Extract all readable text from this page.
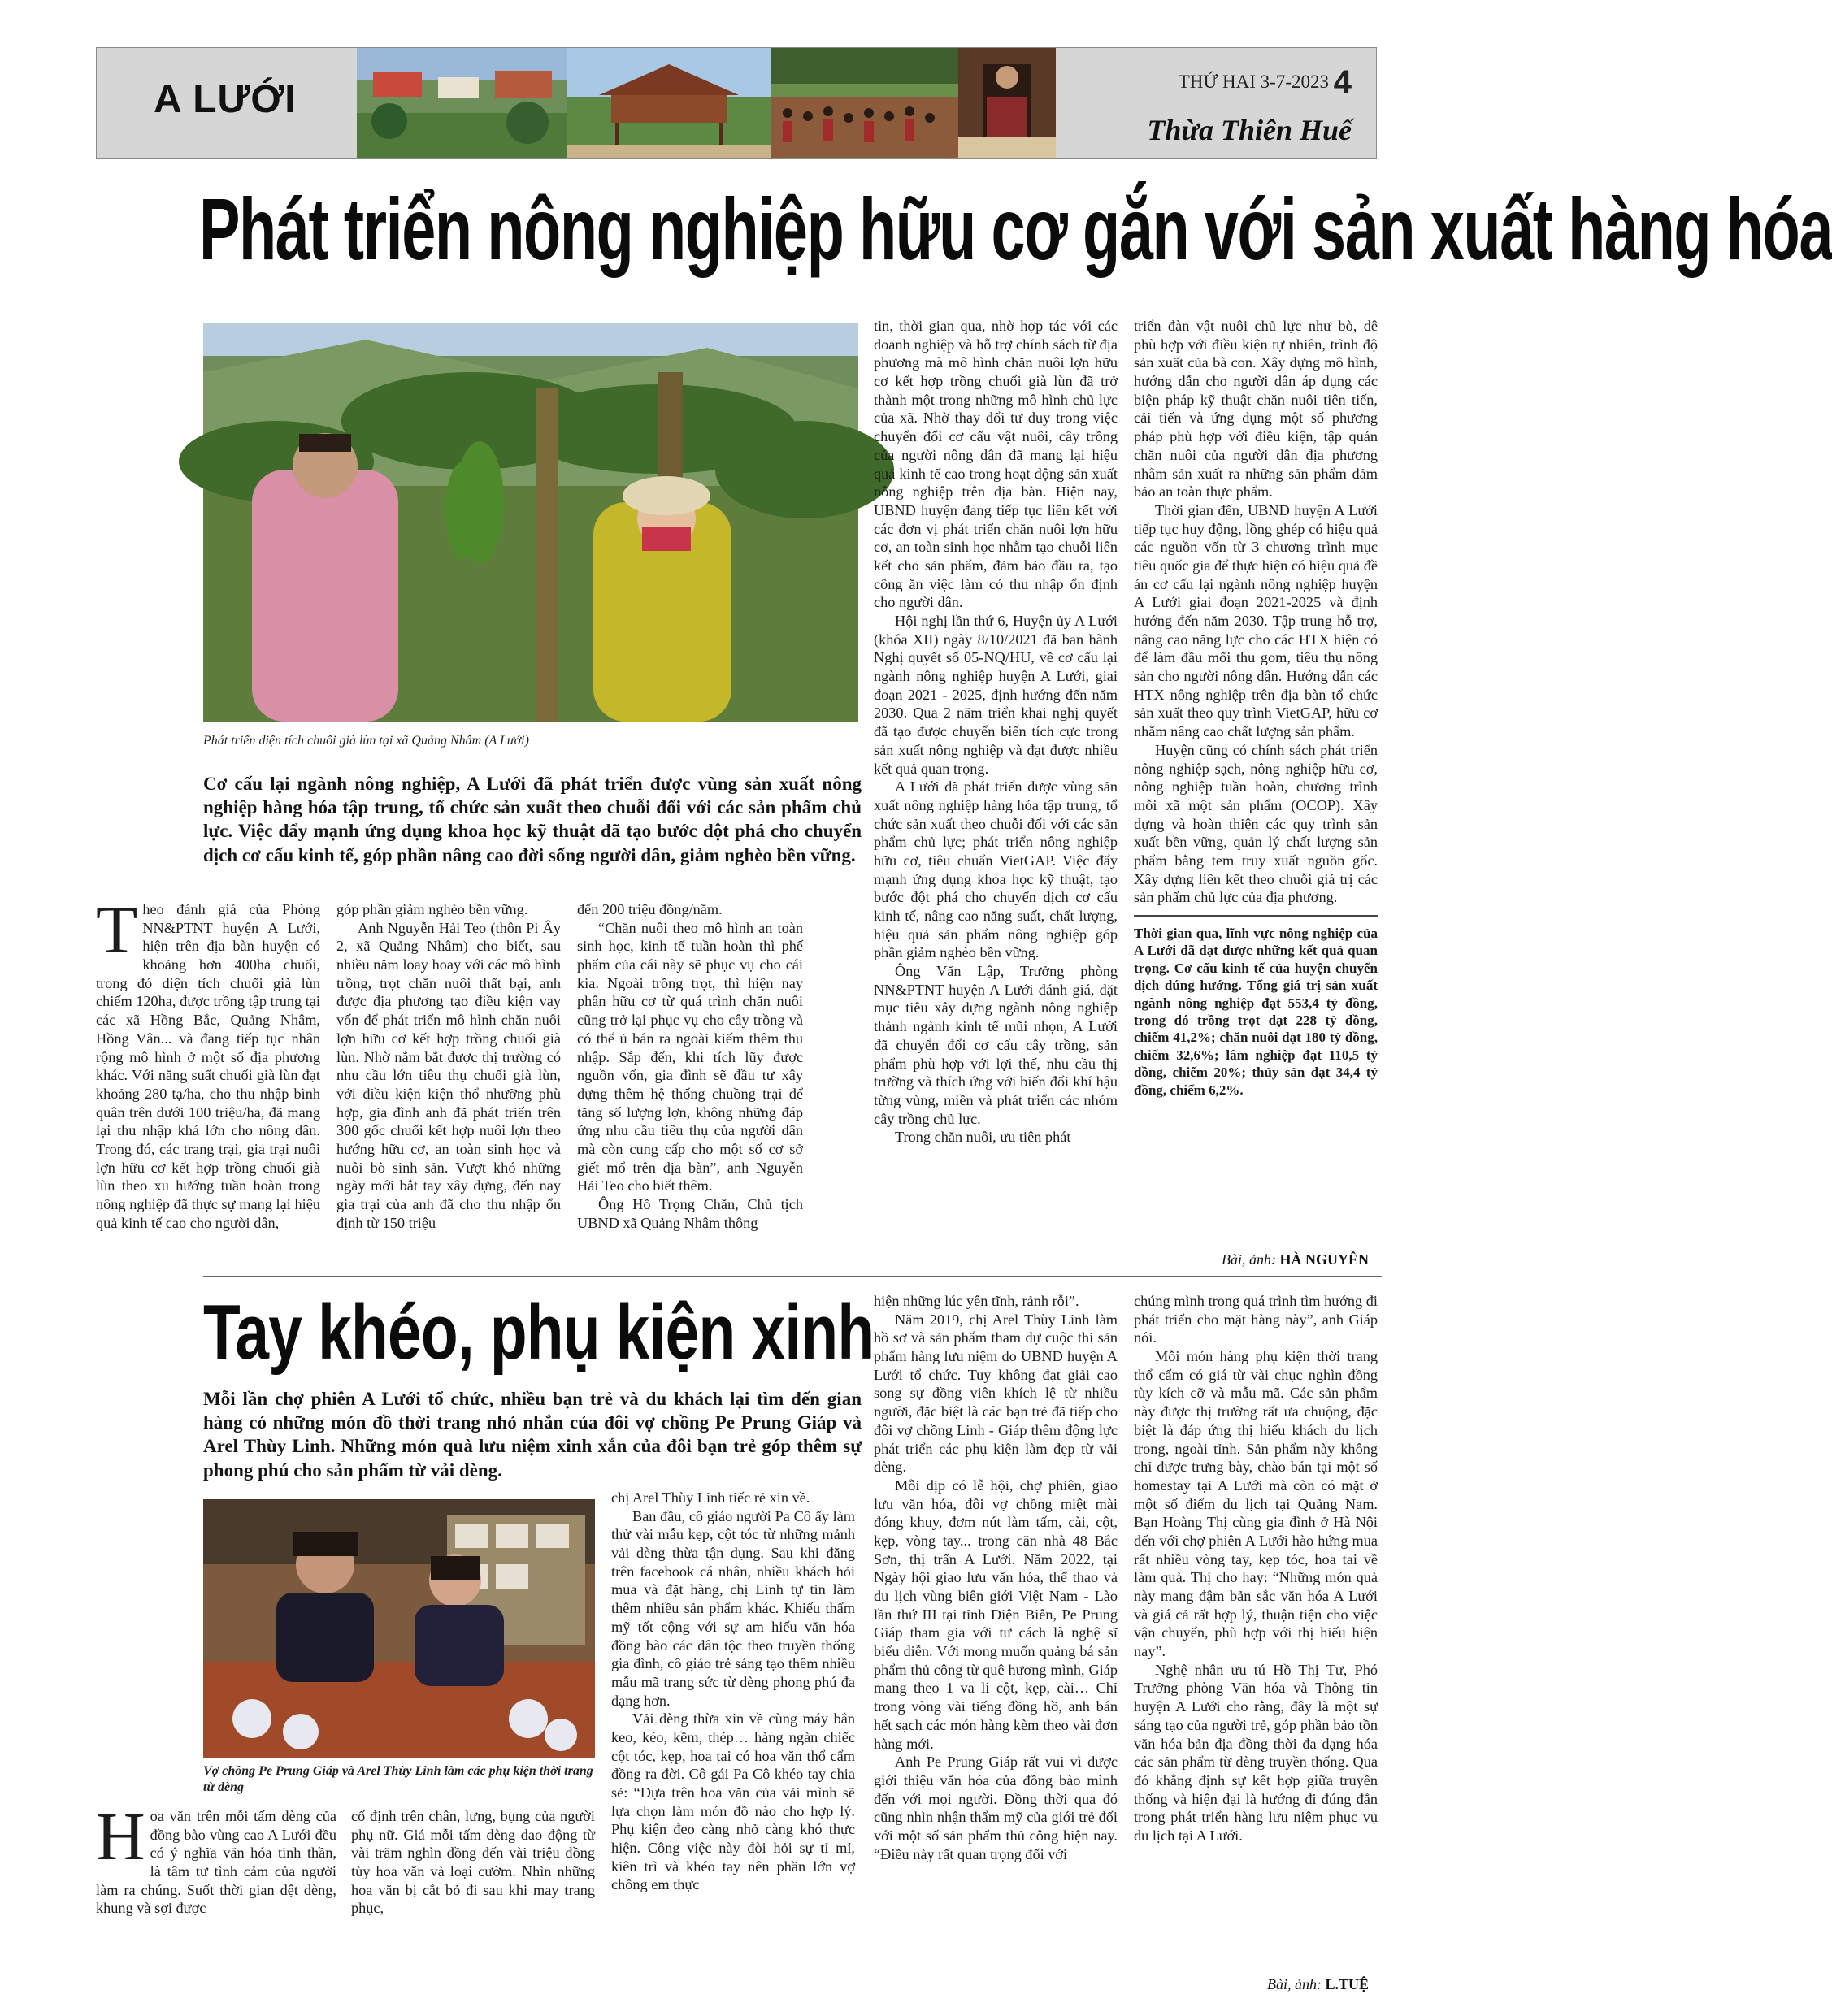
A LƯỚI	THỨ HAI 3-7-2023 4
Thừa Thiên Huế
Phát triển nông nghiệp hữu cơ gắn với sản xuất hàng hóa
Phát triển diện tích chuối già lùn tại xã Quảng Nhâm (A Lưới)
Cơ cấu lại ngành nông nghiệp, A Lưới đã phát triển được vùng sản xuất nông nghiệp hàng hóa tập trung, tổ chức sản xuất theo chuỗi đối với các sản phẩm chủ lực. Việc đẩy mạnh ứng dụng khoa học kỹ thuật đã tạo bước đột phá cho chuyển dịch cơ cấu kinh tế, góp phần nâng cao đời sống người dân, giảm nghèo bền vững.

Theo đánh giá của Phòng NN&PTNT huyện A Lưới, hiện trên địa bàn huyện có khoảng hơn 400ha chuối, trong đó diện tích chuối già lùn chiếm 120ha, được trồng tập trung tại các xã Hồng Bắc, Quảng Nhâm, Hồng Vân... và đang tiếp tục nhân rộng mô hình ở một số địa phương khác. Với năng suất chuối già lùn đạt khoảng 280 tạ/ha, cho thu nhập bình quân trên dưới 100 triệu/ha, đã mang lại thu nhập khá lớn cho nông dân. Trong đó, các trang trại, gia trại nuôi lợn hữu cơ kết hợp trồng chuối già lùn theo xu hướng tuần hoàn trong nông nghiệp đã thực sự mang lại hiệu quả kinh tế cao cho người dân,

góp phần giảm nghèo bền vững.

Anh Nguyễn Hải Teo (thôn Pi Ây 2, xã Quảng Nhâm) cho biết, sau nhiều năm loay hoay với các mô hình trồng, trọt chăn nuôi thất bại, anh được địa phương tạo điều kiện vay vốn để phát triển mô hình chăn nuôi lợn hữu cơ kết hợp trồng chuối già lùn. Nhờ nắm bắt được thị trường có nhu cầu lớn tiêu thụ chuối già lùn, với điều kiện kiện thổ nhưỡng phù hợp, gia đình anh đã phát triển trên 300 gốc chuối kết hợp nuôi lợn theo hướng hữu cơ, an toàn sinh học và nuôi bò sinh sản. Vượt khó những ngày mới bắt tay xây dựng, đến nay gia trại của anh đã cho thu nhập ổn định từ 150 triệu

đến 200 triệu đồng/năm.

“Chăn nuôi theo mô hình an toàn sinh học, kinh tế tuần hoàn thì phế phẩm của cái này sẽ phục vụ cho cái kia. Ngoài trồng trọt, thì hiện nay phân hữu cơ từ quá trình chăn nuôi cũng trở lại phục vụ cho cây trồng và có thể ủ bán ra ngoài kiếm thêm thu nhập. Sắp đến, khi tích lũy được nguồn vốn, gia đình sẽ đầu tư xây dựng thêm hệ thống chuồng trại để tăng số lượng lợn, không những đáp ứng nhu cầu tiêu thụ của người dân mà còn cung cấp cho một số cơ sở giết mổ trên địa bàn”, anh Nguyễn Hải Teo cho biết thêm.

Ông Hồ Trọng Chăn, Chủ tịch UBND xã Quảng Nhâm thông

tin, thời gian qua, nhờ hợp tác với các doanh nghiệp và hỗ trợ chính sách từ địa phương mà mô hình chăn nuôi lợn hữu cơ kết hợp trồng chuối già lùn đã trở thành một trong những mô hình chủ lực của xã. Nhờ thay đổi tư duy trong việc chuyển đổi cơ cấu vật nuôi, cây trồng của người nông dân đã mang lại hiệu quả kinh tế cao trong hoạt động sản xuất nông nghiệp trên địa bàn. Hiện nay, UBND huyện đang tiếp tục liên kết với các đơn vị phát triển chăn nuôi lợn hữu cơ, an toàn sinh học nhằm tạo chuỗi liên kết cho sản phẩm, đảm bảo đầu ra, tạo công ăn việc làm có thu nhập ổn định cho người dân.

Hội nghị lần thứ 6, Huyện ủy A Lưới (khóa XII) ngày 8/10/2021 đã ban hành Nghị quyết số 05-NQ/HU, về cơ cấu lại ngành nông nghiệp huyện A Lưới, giai đoạn 2021 - 2025, định hướng đến năm 2030. Qua 2 năm triển khai nghị quyết đã tạo được chuyển biến tích cực trong sản xuất nông nghiệp và đạt được nhiều kết quả quan trọng.

A Lưới đã phát triển được vùng sản xuất nông nghiệp hàng hóa tập trung, tổ chức sản xuất theo chuỗi đối với các sản phẩm chủ lực; phát triển nông nghiệp hữu cơ, tiêu chuẩn VietGAP. Việc đẩy mạnh ứng dụng khoa học kỹ thuật, tạo bước đột phá cho chuyển dịch cơ cấu kinh tế, nâng cao năng suất, chất lượng, hiệu quả sản phẩm nông nghiệp góp phần giảm nghèo bền vững.

Ông Văn Lập, Trưởng phòng NN&PTNT huyện A Lưới đánh giá, đặt mục tiêu xây dựng ngành nông nghiệp thành ngành kinh tế mũi nhọn, A Lưới đã chuyển đổi cơ cấu cây trồng, sản phẩm phù hợp với lợi thế, nhu cầu thị trường và thích ứng với biến đổi khí hậu từng vùng, miền và phát triển các nhóm cây trồng chủ lực.

Trong chăn nuôi, ưu tiên phát

triển đàn vật nuôi chủ lực như bò, dê phù hợp với điều kiện tự nhiên, trình độ sản xuất của bà con. Xây dựng mô hình, hướng dẫn cho người dân áp dụng các biện pháp kỹ thuật chăn nuôi tiên tiến, cải tiến và ứng dụng một số phương pháp phù hợp với điều kiện, tập quán chăn nuôi của người dân địa phương nhằm sản xuất ra những sản phẩm đảm bảo an toàn thực phẩm.

Thời gian đến, UBND huyện A Lưới tiếp tục huy động, lồng ghép có hiệu quả các nguồn vốn từ 3 chương trình mục tiêu quốc gia để thực hiện có hiệu quả đề án cơ cấu lại ngành nông nghiệp huyện A Lưới giai đoạn 2021-2025 và định hướng đến năm 2030. Tập trung hỗ trợ, nâng cao năng lực cho các HTX hiện có để làm đầu mối thu gom, tiêu thụ nông sản cho người nông dân. Hướng dẫn các HTX nông nghiệp trên địa bàn tổ chức sản xuất theo quy trình VietGAP, hữu cơ nhằm nâng cao chất lượng sản phẩm.

Huyện cũng có chính sách phát triển nông nghiệp sạch, nông nghiệp hữu cơ, nông nghiệp tuần hoàn, chương trình mỗi xã một sản phẩm (OCOP). Xây dựng và hoàn thiện các quy trình sản xuất bền vững, quản lý chất lượng sản phẩm bằng tem truy xuất nguồn gốc. Xây dựng liên kết theo chuỗi giá trị các sản phẩm chủ lực của địa phương.

Thời gian qua, lĩnh vực nông nghiệp của A Lưới đã đạt được những kết quả quan trọng. Cơ cấu kinh tế của huyện chuyển dịch đúng hướng. Tổng giá trị sản xuất ngành nông nghiệp đạt 553,4 tỷ đồng, trong đó trồng trọt đạt 228 tỷ đồng, chiếm 41,2%; chăn nuôi đạt 180 tỷ đồng, chiếm 32,6%; lâm nghiệp đạt 110,5 tỷ đồng, chiếm 20%; thủy sản đạt 34,4 tỷ đồng, chiếm 6,2%.
Bài, ảnh: HÀ NGUYÊN
Tay khéo, phụ kiện xinh
Mỗi lần chợ phiên A Lưới tổ chức, nhiều bạn trẻ và du khách lại tìm đến gian hàng có những món đồ thời trang nhỏ nhắn của đôi vợ chồng Pe Prung Giáp và Arel Thùy Linh. Những món quà lưu niệm xinh xắn của đôi bạn trẻ góp thêm sự phong phú cho sản phẩm từ vải dèng.
Vợ chồng Pe Prung Giáp và Arel Thùy Linh làm các phụ kiện thời trang từ dèng

Hoa văn trên mỗi tấm dèng của đồng bào vùng cao A Lưới đều có ý nghĩa văn hóa tinh thần, là tâm tư tình cảm của người làm ra chúng. Suốt thời gian dệt dèng, khung và sợi được

cố định trên chân, lưng, bụng của người phụ nữ. Giá mỗi tấm dèng dao động từ vài trăm nghìn đồng đến vài triệu đồng tùy hoa văn và loại cườm. Nhìn những hoa văn bị cắt bỏ đi sau khi may trang phục,

chị Arel Thùy Linh tiếc rẻ xin về.

Ban đầu, cô giáo người Pa Cô ấy làm thử vài mẫu kẹp, cột tóc từ những mảnh vải dèng thừa tận dụng. Sau khi đăng trên facebook cá nhân, nhiều khách hỏi mua và đặt hàng, chị Linh tự tin làm thêm nhiều sản phẩm khác. Khiếu thẩm mỹ tốt cộng với sự am hiểu văn hóa đồng bào các dân tộc theo truyền thống gia đình, cô giáo trẻ sáng tạo thêm nhiều mẫu mã trang sức từ dèng phong phú đa dạng hơn.

Vải dèng thừa xin về cùng máy bắn keo, kéo, kềm, thép… hàng ngàn chiếc cột tóc, kẹp, hoa tai có hoa văn thổ cẩm đồng ra đời. Cô gái Pa Cô khéo tay chia sẻ: “Dựa trên hoa văn của vải mình sẽ lựa chọn làm món đồ nào cho hợp lý. Phụ kiện đeo càng nhỏ càng khó thực hiện. Công việc này đòi hỏi sự tỉ mỉ, kiên trì và khéo tay nên phần lớn vợ chồng em thực

hiện những lúc yên tĩnh, rảnh rỗi”.

Năm 2019, chị Arel Thùy Linh làm hồ sơ và sản phẩm tham dự cuộc thi sản phẩm hàng lưu niệm do UBND huyện A Lưới tổ chức. Tuy không đạt giải cao song sự đồng viên khích lệ từ nhiều người, đặc biệt là các bạn trẻ đã tiếp cho đôi vợ chồng Linh - Giáp thêm động lực phát triển các phụ kiện làm đẹp từ vải dèng.

Mỗi dịp có lễ hội, chợ phiên, giao lưu văn hóa, đôi vợ chồng miệt mài đóng khuy, đơm nút làm tấm, cài, cột, kẹp, vòng tay... trong căn nhà 48 Bắc Sơn, thị trấn A Lưới. Năm 2022, tại Ngày hội giao lưu văn hóa, thể thao và du lịch vùng biên giới Việt Nam - Lào lần thứ III tại tỉnh Điện Biên, Pe Prung Giáp tham gia với tư cách là nghệ sĩ biểu diễn. Với mong muốn quảng bá sản phẩm thủ công từ quê hương mình, Giáp mang theo 1 va li cột, kẹp, cài… Chỉ trong vòng vài tiếng đồng hồ, anh bán hết sạch các món hàng kèm theo vài đơn hàng mới.

Anh Pe Prung Giáp rất vui vì được giới thiệu văn hóa của đồng bào mình đến với mọi người. Đồng thời qua đó cũng nhìn nhận thẩm mỹ của giới trẻ đối với một số sản phẩm thủ công hiện nay. “Điều này rất quan trọng đối với

chúng mình trong quá trình tìm hướng đi phát triển cho mặt hàng này”, anh Giáp nói.

Mỗi món hàng phụ kiện thời trang thổ cẩm có giá từ vài chục nghìn đồng tùy kích cỡ và mẫu mã. Các sản phẩm này được thị trường rất ưa chuộng, đặc biệt là đáp ứng thị hiếu khách du lịch trong, ngoài tỉnh. Sản phẩm này không chỉ được trưng bày, chào bán tại một số homestay tại A Lưới mà còn có mặt ở một số điểm du lịch tại Quảng Nam. Bạn Hoàng Thị cùng gia đình ở Hà Nội đến với chợ phiên A Lưới hào hứng mua rất nhiều vòng tay, kẹp tóc, hoa tai về làm quà. Thị cho hay: “Những món quà này mang đậm bản sắc văn hóa A Lưới và giá cả rất hợp lý, thuận tiện cho việc vận chuyển, phù hợp với thị hiếu hiện nay”.

Nghệ nhân ưu tú Hồ Thị Tư, Phó Trưởng phòng Văn hóa và Thông tin huyện A Lưới cho rằng, đây là một sự sáng tạo của người trẻ, góp phần bảo tồn văn hóa bản địa đồng thời đa dạng hóa các sản phẩm từ dèng truyền thống. Qua đó khẳng định sự kết hợp giữa truyền thống và hiện đại là hướng đi đúng đắn trong phát triển hàng lưu niệm phục vụ du lịch tại A Lưới.

Bài, ảnh: L.TUỆ
